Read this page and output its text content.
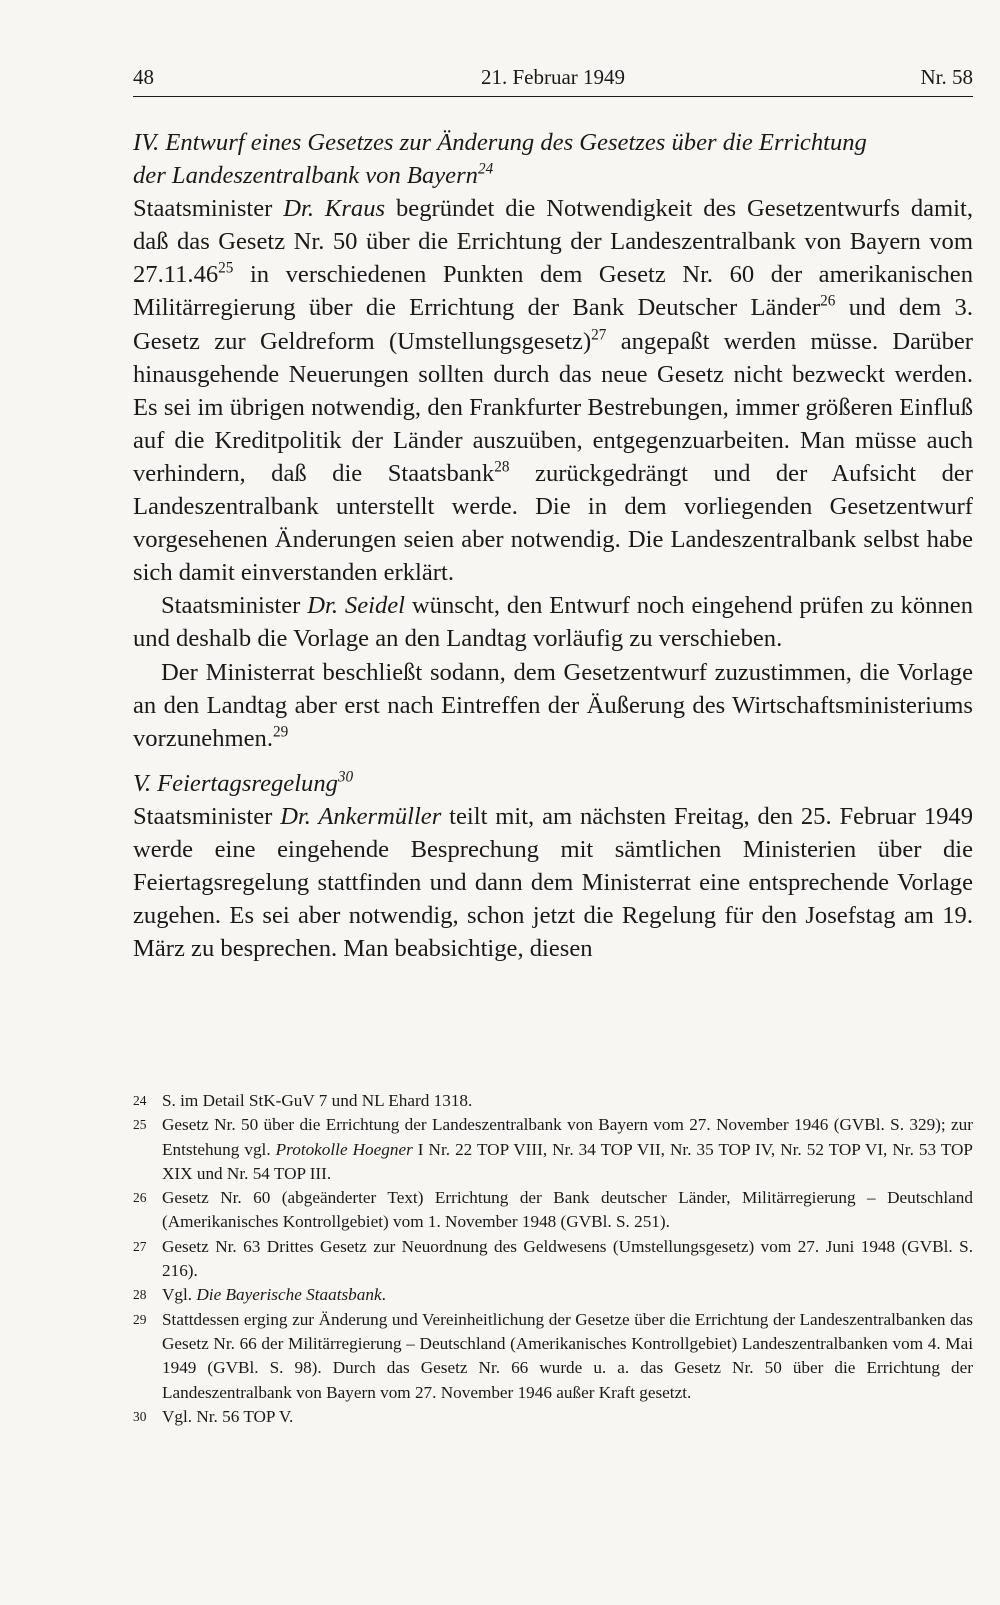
48	21. Februar 1949	Nr. 58

IV. Entwurf eines Gesetzes zur Änderung des Gesetzes über die Errichtung
der Landeszentralbank von Bayern$^{24}$

Staatsminister Dr. Kraus begründet die Notwendigkeit des Gesetzentwurfs damit, daß das Gesetz Nr. 50 über die Errichtung der Landeszentralbank von Bayern vom 27.11.46$^{25}$ in verschiedenen Punkten dem Gesetz Nr. 60 der amerikanischen Militärregierung über die Errichtung der Bank Deutscher Länder$^{26}$ und dem 3. Gesetz zur Geldreform (Umstellungsgesetz)$^{27}$ angepaßt werden müsse. Darüber hinausgehende Neuerungen sollten durch das neue Gesetz nicht bezweckt werden. Es sei im übrigen notwendig, den Frankfurter Bestrebungen, immer größeren Einfluß auf die Kreditpolitik der Länder auszuüben, entgegenzuarbeiten. Man müsse auch verhindern, daß die Staatsbank$^{28}$ zurückgedrängt und der Aufsicht der Landeszentralbank unterstellt werde. Die in dem vorliegenden Gesetzentwurf vorgesehenen Änderungen seien aber notwendig. Die Landeszentralbank selbst habe sich damit einverstanden erklärt.

Staatsminister Dr. Seidel wünscht, den Entwurf noch eingehend prüfen zu können und deshalb die Vorlage an den Landtag vorläufig zu verschieben.

Der Ministerrat beschließt sodann, dem Gesetzentwurf zuzustimmen, die Vorlage an den Landtag aber erst nach Eintreffen der Äußerung des Wirtschaftsministeriums vorzunehmen.$^{29}$

V. Feiertagsregelung$^{30}$

Staatsminister Dr. Ankermüller teilt mit, am nächsten Freitag, den 25. Februar 1949 werde eine eingehende Besprechung mit sämtlichen Ministerien über die Feiertagsregelung stattfinden und dann dem Ministerrat eine entsprechende Vorlage zugehen. Es sei aber notwendig, schon jetzt die Regelung für den Josefstag am 19. März zu besprechen. Man beabsichtige, diesen

24 S. im Detail StK-GuV 7 und NL Ehard 1318.

25 Gesetz Nr. 50 über die Errichtung der Landeszentralbank von Bayern vom 27. November 1946 (GVBl. S. 329); zur Entstehung vgl. Protokolle Hoegner I Nr. 22 TOP VIII, Nr. 34 TOP VII, Nr. 35 TOP IV, Nr. 52 TOP VI, Nr. 53 TOP XIX und Nr. 54 TOP III.

26 Gesetz Nr. 60 (abgeänderter Text) Errichtung der Bank deutscher Länder, Militärregierung – Deutschland (Amerikanisches Kontrollgebiet) vom 1. November 1948 (GVBl. S. 251).

27 Gesetz Nr. 63 Drittes Gesetz zur Neuordnung des Geldwesens (Umstellungsgesetz) vom 27. Juni 1948 (GVBl. S. 216).

28 Vgl. Die Bayerische Staatsbank.

29 Stattdessen erging zur Änderung und Vereinheitlichung der Gesetze über die Errichtung der Landeszentralbanken das Gesetz Nr. 66 der Militärregierung – Deutschland (Amerikanisches Kontrollgebiet) Landeszentralbanken vom 4. Mai 1949 (GVBl. S. 98). Durch das Gesetz Nr. 66 wurde u. a. das Gesetz Nr. 50 über die Errichtung der Landeszentralbank von Bayern vom 27. November 1946 außer Kraft gesetzt.

30 Vgl. Nr. 56 TOP V.
